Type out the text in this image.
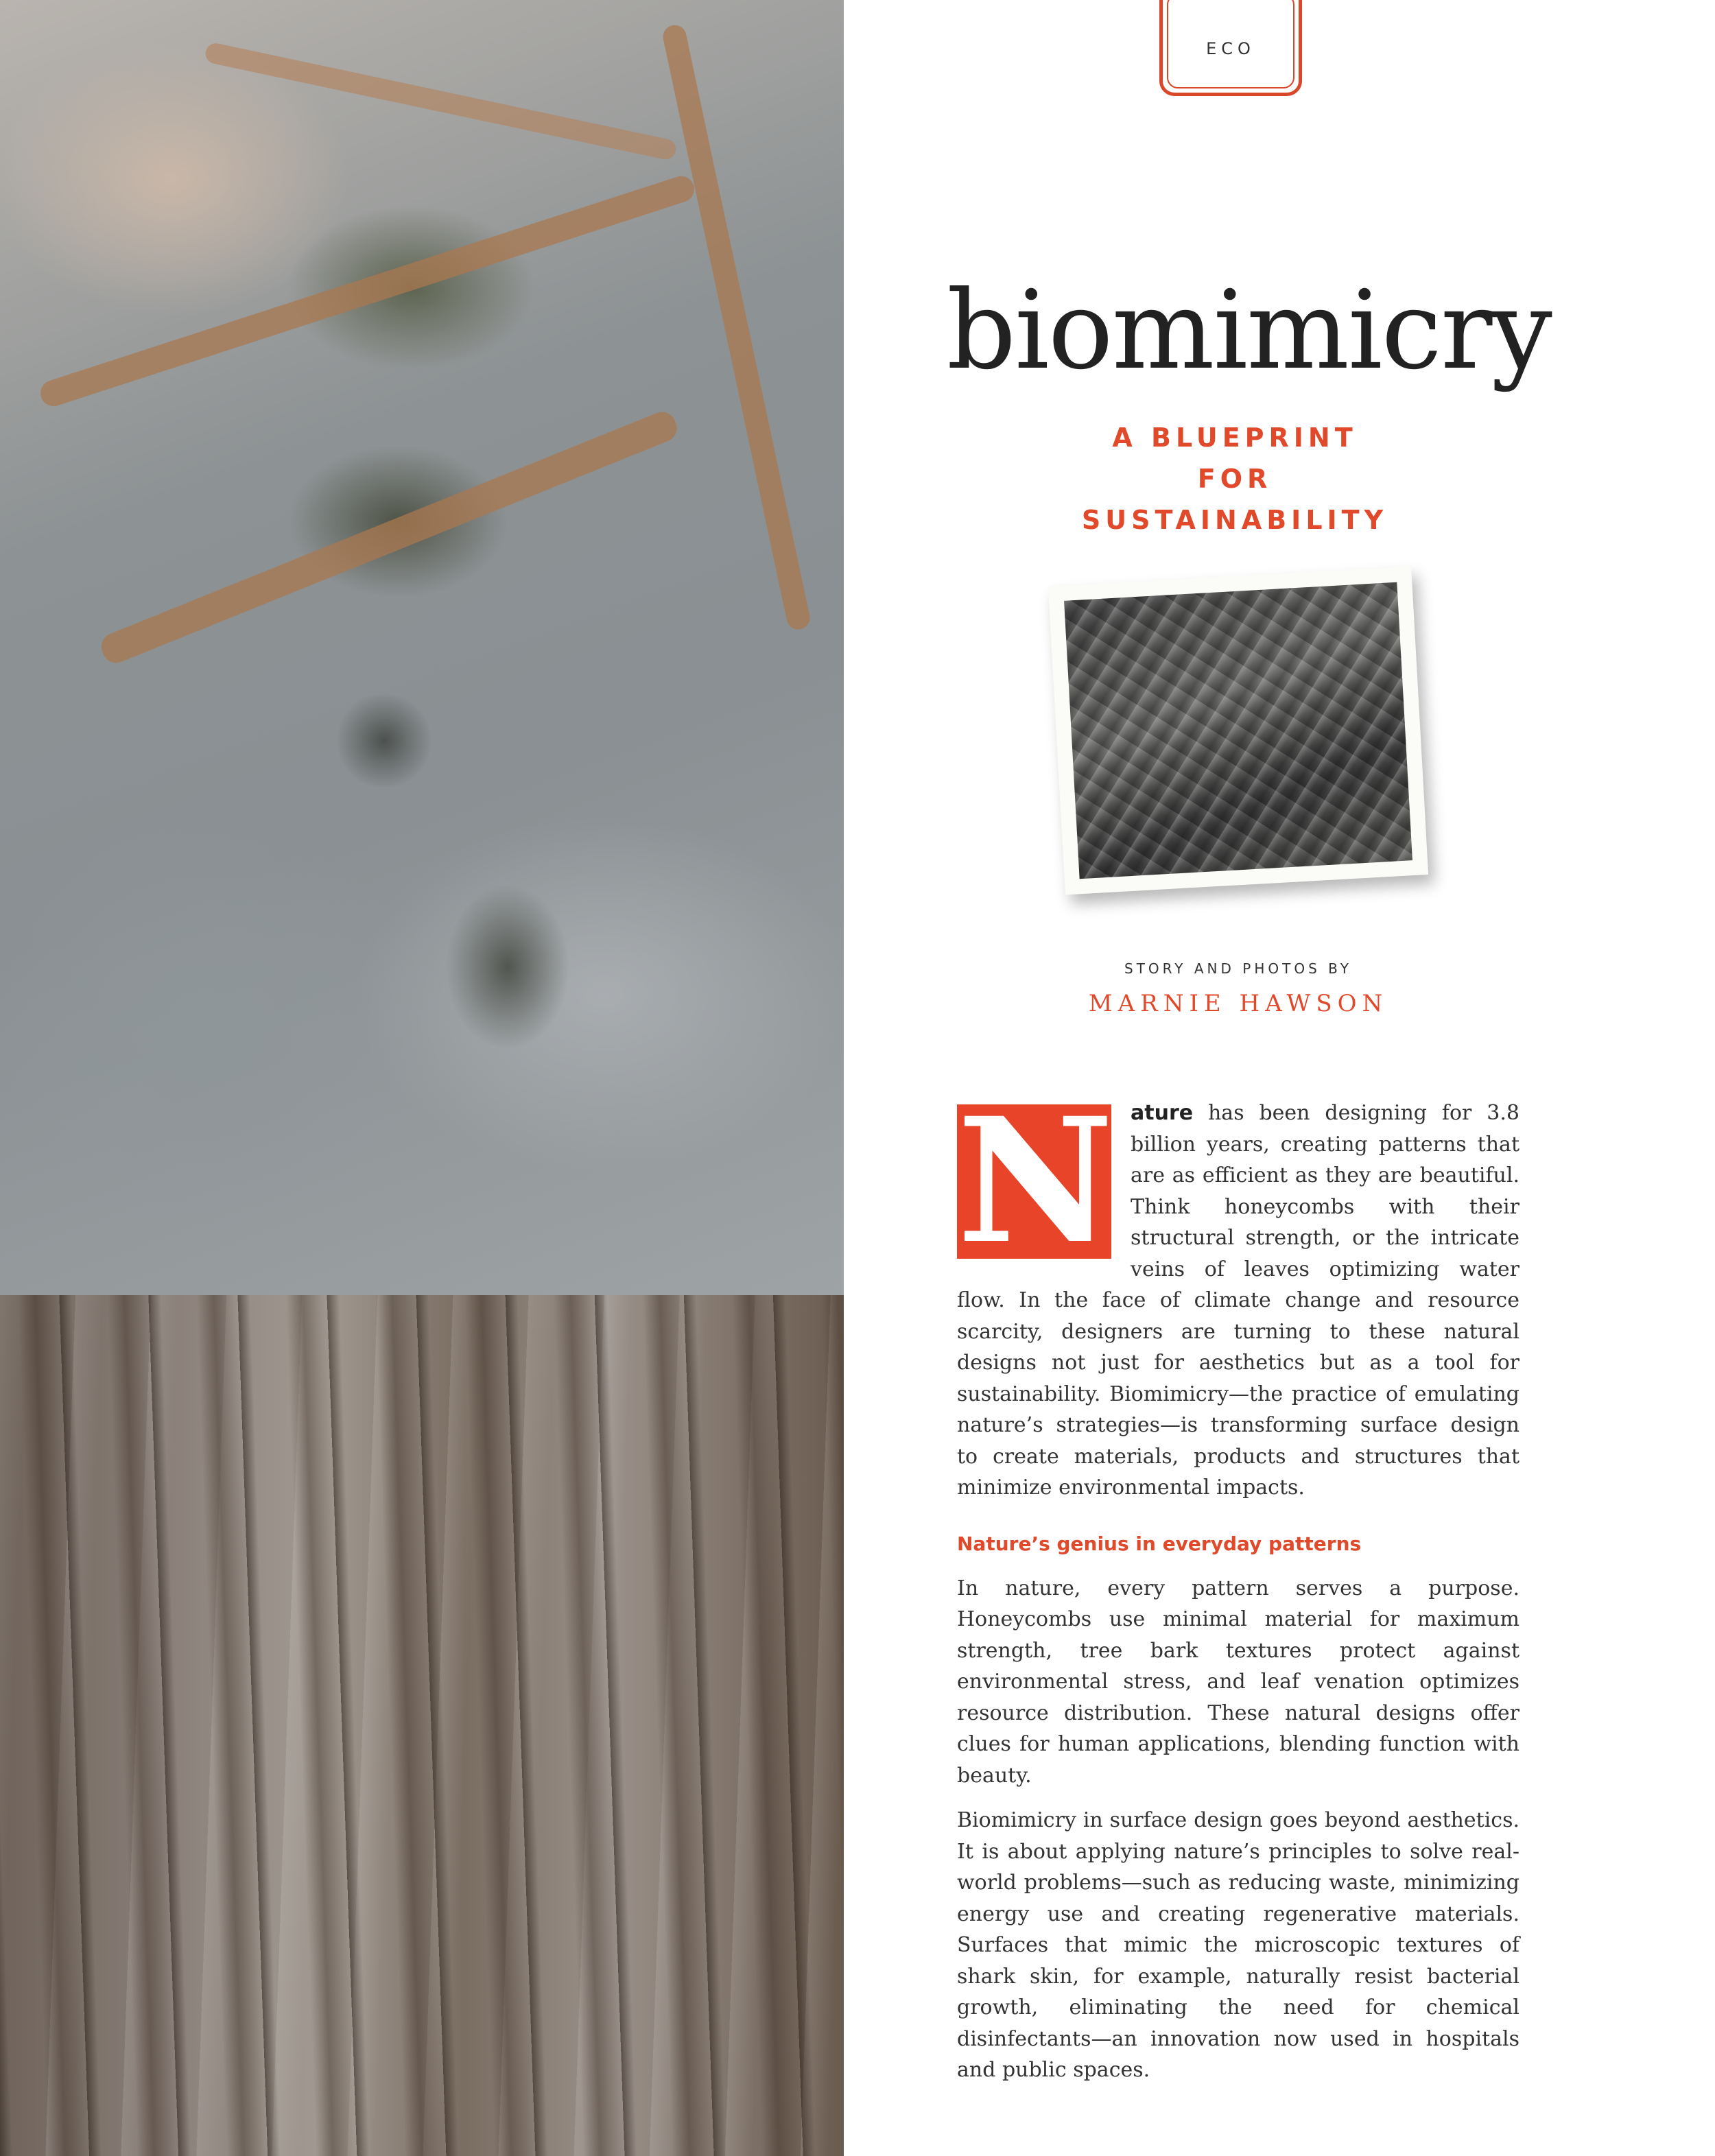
ECO
biomimicry
A BLUEPRINT
FOR
SUSTAINABILITY
STORY AND PHOTOS BY
MARNIE HAWSON
N ature has been designing for 3.8 billion years, creating patterns that are as efficient as they are beautiful. Think honeycombs with their structural strength, or the intricate veins of leaves optimizing water flow. In the face of climate change and resource scarcity, designers are turning to these natural designs not just for aesthetics but as a tool for sustainability. Biomimicry—the practice of emulating nature’s strategies—is transforming surface design to create materials, products and structures that minimize environmental impacts.

Nature’s genius in everyday patterns

In nature, every pattern serves a purpose. Honeycombs use minimal material for maximum strength, tree bark textures protect against environmental stress, and leaf venation optimizes resource distribution. These natural designs offer clues for human applications, blending function with beauty.

Biomimicry in surface design goes beyond aesthetics. It is about applying nature’s principles to solve real-world problems—such as reducing waste, minimizing energy use and creating regenerative materials. Surfaces that mimic the microscopic textures of shark skin, for example, naturally resist bacterial growth, eliminating the need for chemical disinfectants—an innovation now used in hospitals and public spaces.
